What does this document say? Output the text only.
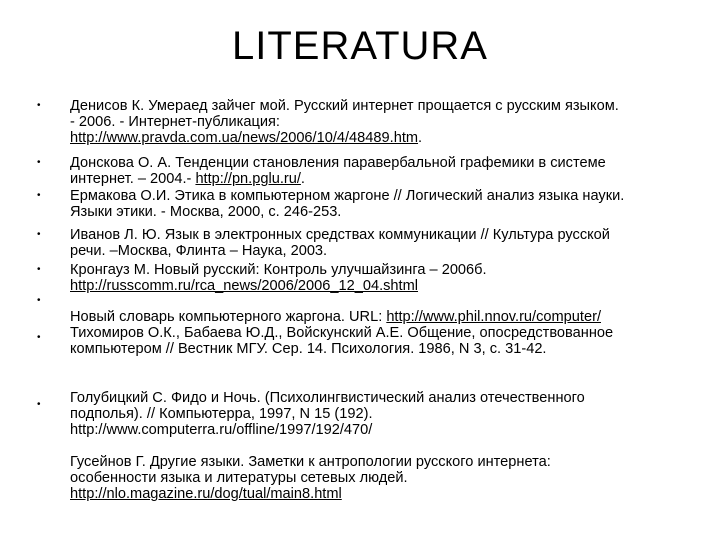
LITERATURA
• Денисов К. Умераед зайчег мой. Русский интернет прощается с русским языком.
- 2006. - Интернет-публикация:
http://www.pravda.com.ua/news/2006/10/4/48489.htm.
• Донскова О. А. Тенденции становления паравербальной графемики в системе
интернет. – 2004.- http://pn.pglu.ru/.
• Ермакова О.И. Этика в компьютерном жаргоне // Логический анализ языка науки.
Языки этики. - Москва, 2000, с. 246-253.
• Иванов Л. Ю. Язык в электронных средствах коммуникации // Культура русской
речи. –Москва, Флинта – Наука, 2003.
• Кронгауз М. Новый русский: Контроль улучшайзинга – 2006б.
http://russcomm.ru/rca_news/2006/2006_12_04.shtml
•
•
Новый словарь компьютерного жаргона. URL: http://www.phil.nnov.ru/computer/
Тихомиров О.К., Бабаева Ю.Д., Войскунский А.Е. Общение, опосредствованное
компьютером // Вестник МГУ. Сер. 14. Психология. 1986, N 3, с. 31-42.
• Голубицкий С. Фидо и Ночь. (Психолингвистический анализ отечественного
подполья). // Компьютерра, 1997, N 15 (192).
http://www.computerra.ru/offline/1997/192/470/

Гусейнов Г. Другие языки. Заметки к антропологии русского интернета:
особенности языка и литературы сетевых людей.
http://nlo.magazine.ru/dog/tual/main8.html
